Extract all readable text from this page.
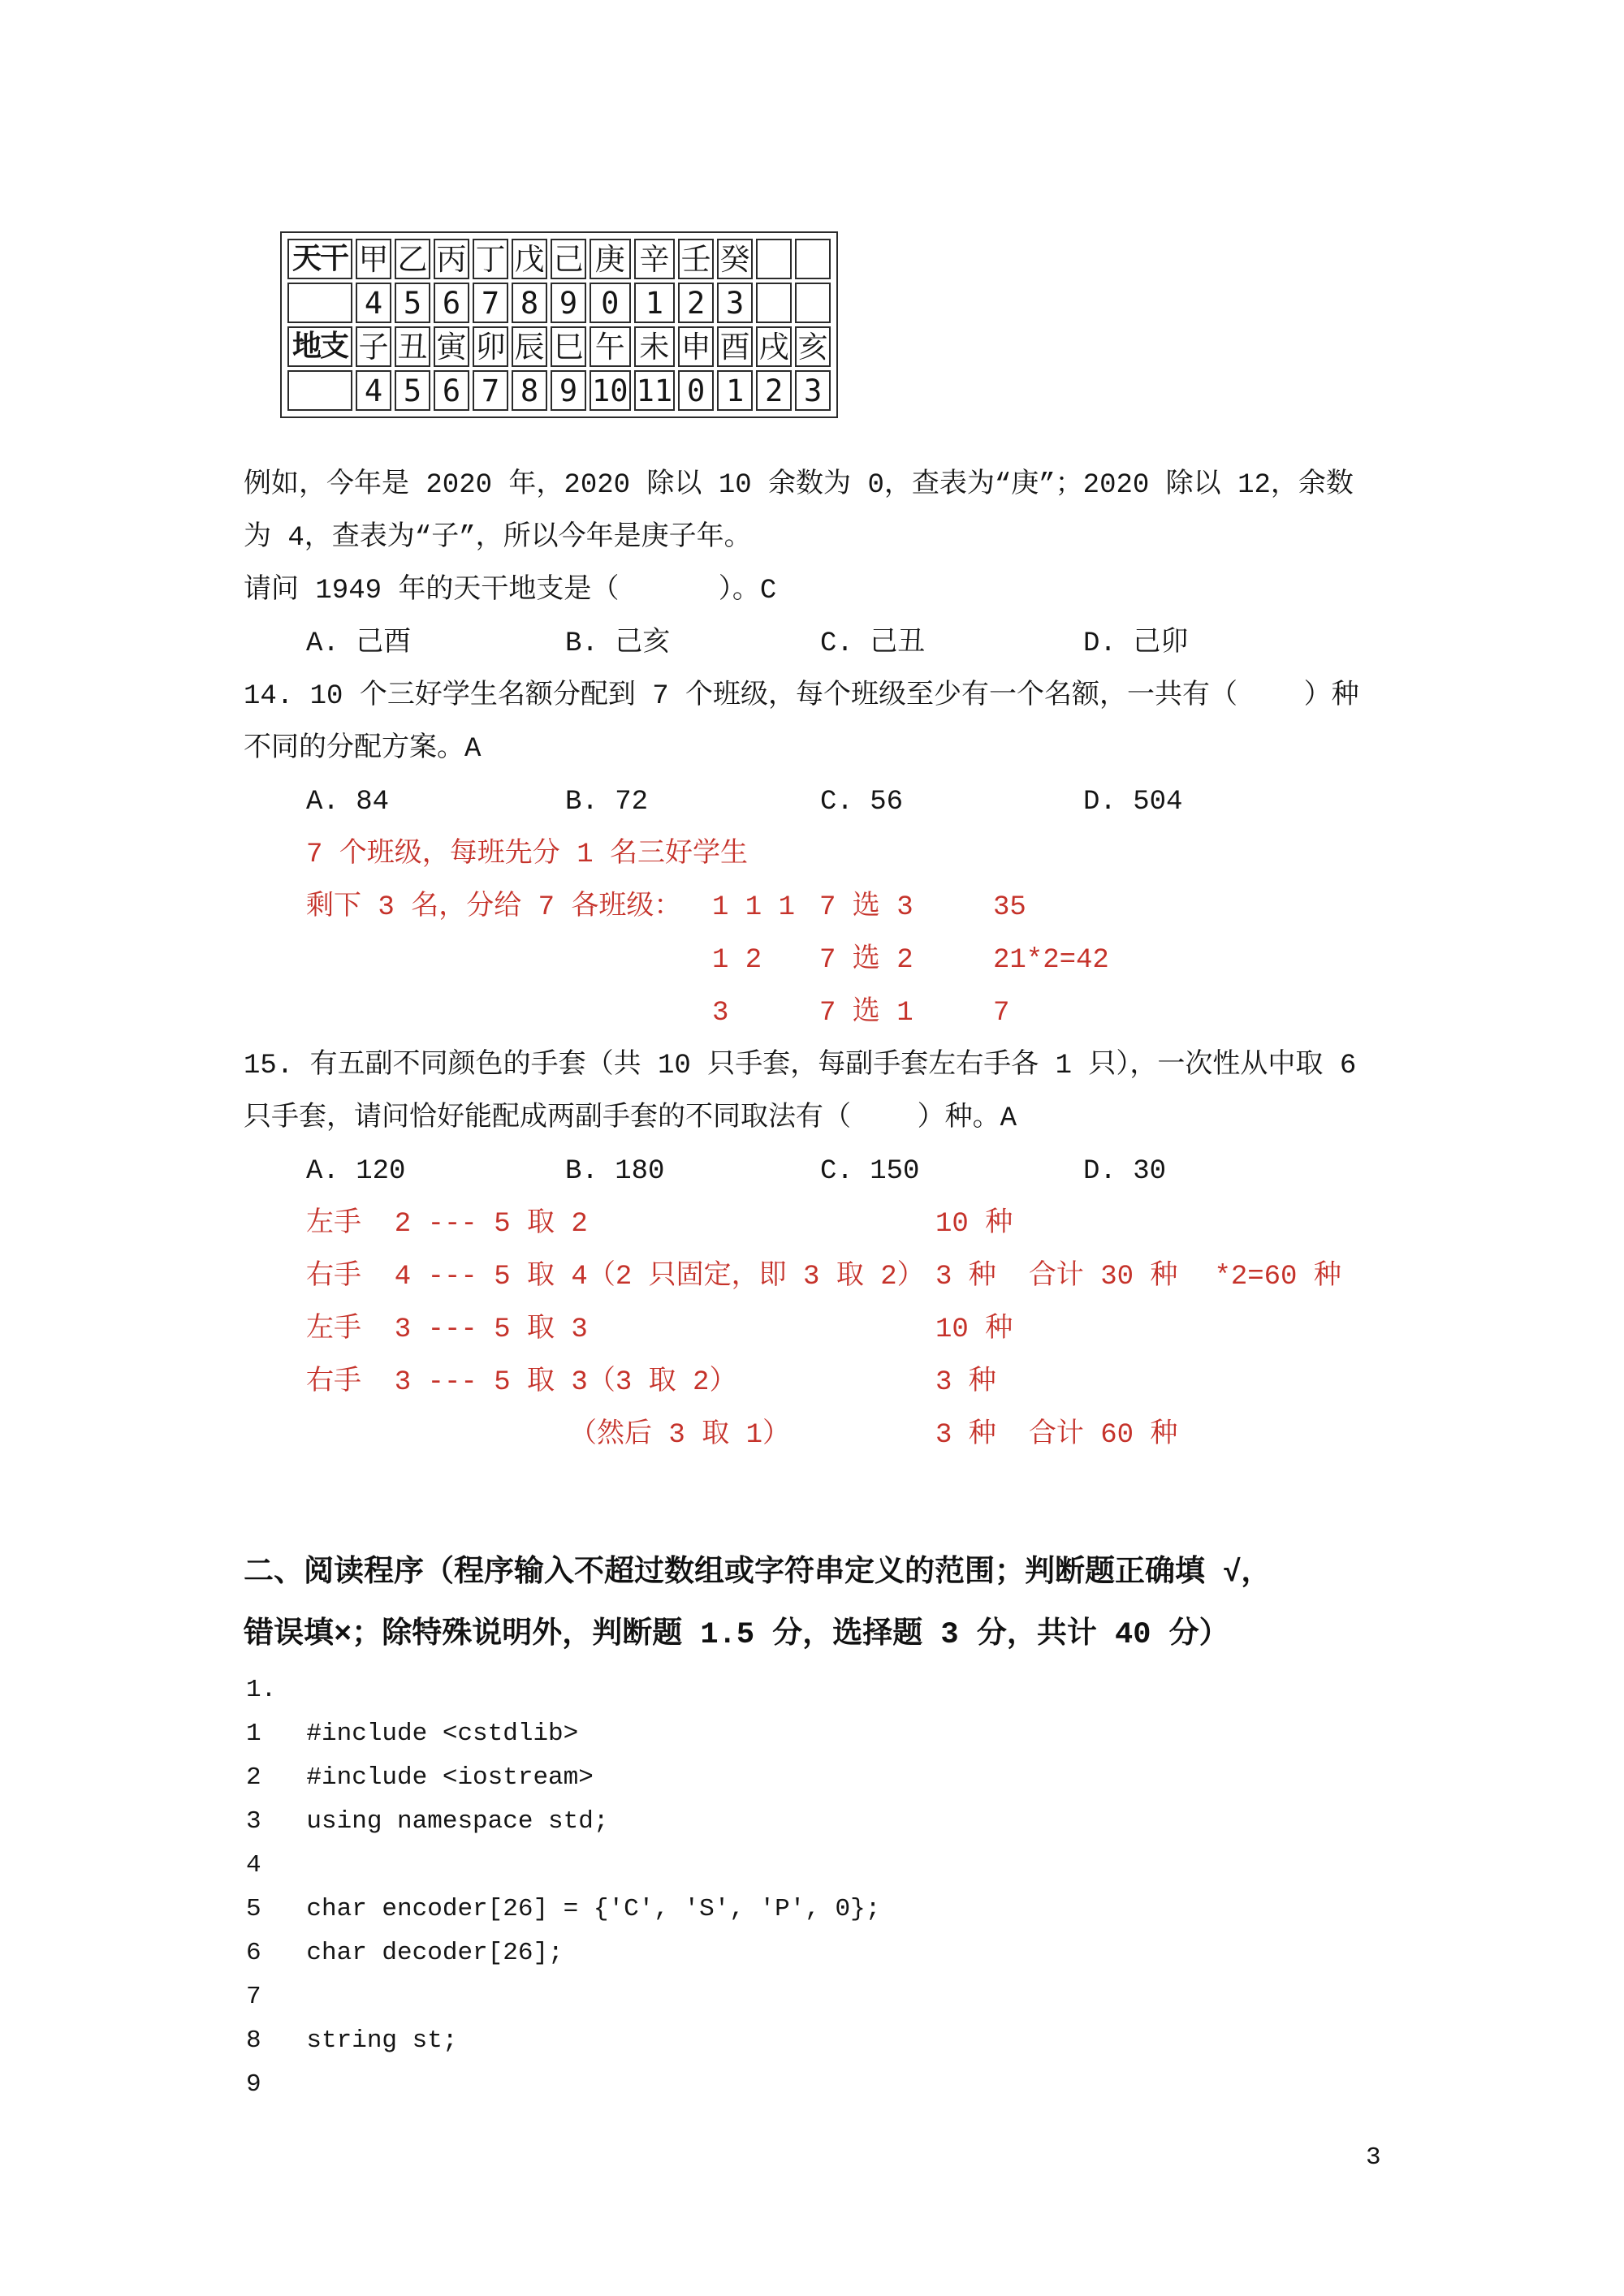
天干	甲	乙	丙	丁	戊	己	庚	辛	壬	癸		
	4	5	6	7	8	9	0	1	2	3		
地支	子	丑	寅	卯	辰	巳	午	未	申	酉	戌	亥
	4	5	6	7	8	9	10	11	0	1	2	3
例如，今年是 2020 年，2020 除以 10 余数为 0，查表为“庚”；2020 除以 12，余数
为 4，查表为“子”，所以今年是庚子年。
请问 1949 年的天干地支是（      ）。C
A. 己酉	B. 己亥	C. 己丑	D. 己卯
14. 10 个三好学生名额分配到 7 个班级，每个班级至少有一个名额，一共有（    ）种
不同的分配方案。A
A. 84	B. 72	C. 56	D. 504
7 个班级，每班先分 1 名三好学生
剩下 3 名，分给 7 各班级：	1 1 1 7 选 3	35
1 2	7 选 2	21*2=42
3	7 选 1	7
15. 有五副不同颜色的手套（共 10 只手套，每副手套左右手各 1 只），一次性从中取 6
只手套，请问恰好能配成两副手套的不同取法有（    ）种。A
A. 120	B. 180	C. 150	D. 30
左手  2 --- 5 取 2	10 种
右手  4 --- 5 取 4（2 只固定，即 3 取 2） 3 种 合计 30 种 *2=60 种
左手  3 --- 5 取 3	10 种
右手  3 --- 5 取 3（3 取 2）	3 种
（然后 3 取 1）	3 种 合计 60 种
二、阅读程序（程序输入不超过数组或字符串定义的范围；判断题正确填 √，
错误填×；除特殊说明外，判断题 1.5 分，选择题 3 分，共计 40 分）
1.
1   #include <cstdlib>
2   #include <iostream>
3   using namespace std;
4
5   char encoder[26] = {'C', 'S', 'P', 0};
6   char decoder[26];
7
8   string st;
9
3
